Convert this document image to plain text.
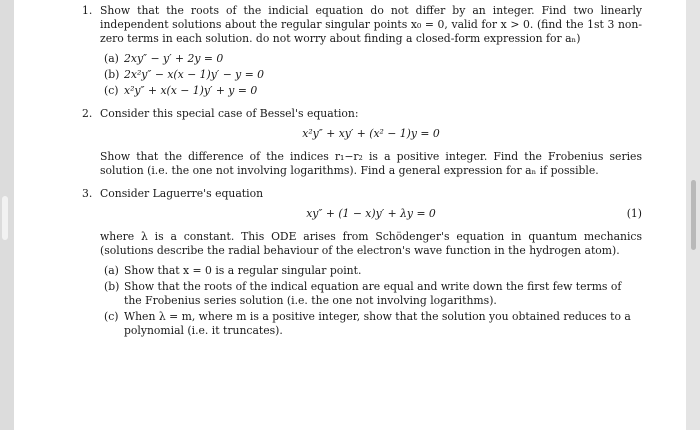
1. Show that the roots of the indicial equation do not differ by an integer. Find two linearly independent solutions about the regular singular points x₀ = 0, valid for x > 0. (find the 1st 3 non-zero terms in each solution. do not worry about finding a closed-form expression for aₙ)

(a) 2xy″ − y′ + 2y = 0
(b) 2x²y″ − x(x − 1)y′ − y = 0
(c) x²y″ + x(x − 1)y′ + y = 0
2. Consider this special case of Bessel's equation:

x²y″ + xy′ + (x² − 1)y = 0

Show that the difference of the indices r₁−r₂ is a positive integer. Find the Frobenius series solution (i.e. the one not involving logarithms). Find a general expression for aₙ if possible.

3. Consider Laguerre's equation

xy″ + (1 − x)y′ + λy = 0	(1)

where λ is a constant. This ODE arises from Schödenger's equation in quantum mechanics (solutions describe the radial behaviour of the electron's wave function in the hydrogen atom).

(a) Show that x = 0 is a regular singular point.
(b) Show that the roots of the indical equation are equal and write down the first few terms of the Frobenius series solution (i.e. the one not involving logarithms).
(c) When λ = m, where m is a positive integer, show that the solution you obtained reduces to a polynomial (i.e. it truncates).
